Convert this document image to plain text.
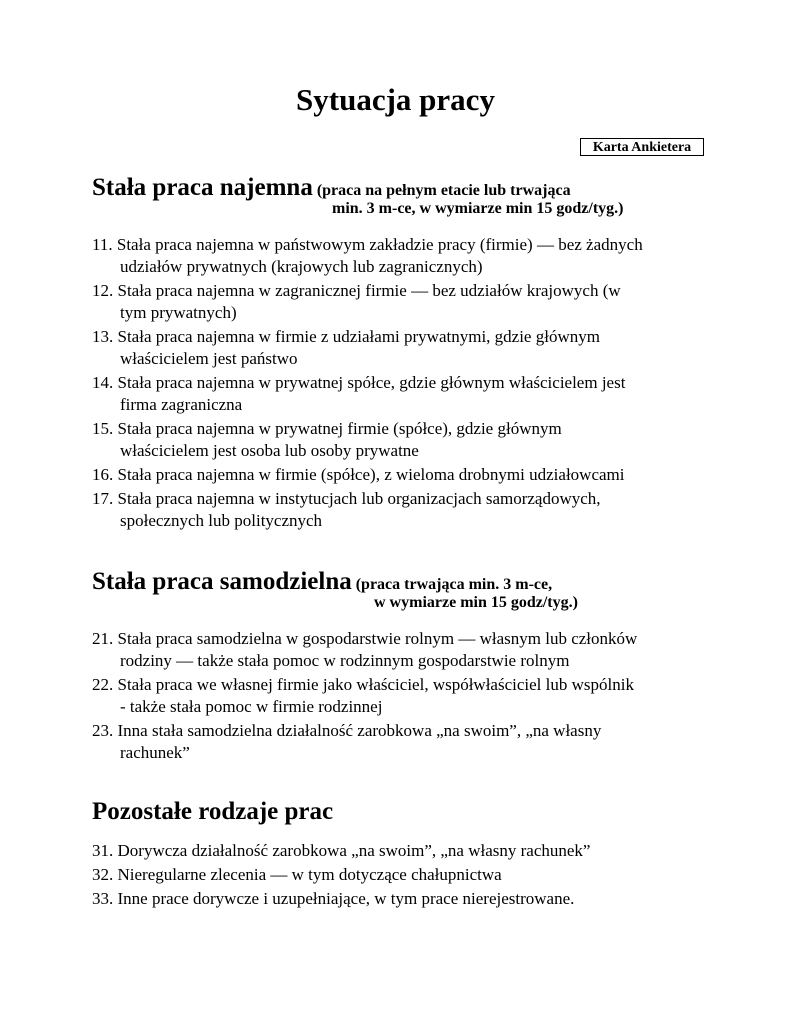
Sytuacja pracy
Karta Ankietera
Stała praca najemna (praca na pełnym etacie lub trwająca
min. 3 m-ce, w wymiarze min 15 godz/tyg.)
11. Stała praca najemna w państwowym zakładzie pracy (firmie) — bez żadnych
udziałów prywatnych (krajowych lub zagranicznych)
12. Stała praca najemna w zagranicznej firmie — bez udziałów krajowych (w
tym prywatnych)
13. Stała praca najemna w firmie z udziałami prywatnymi, gdzie głównym
właścicielem jest państwo
14. Stała praca najemna w prywatnej spółce, gdzie głównym właścicielem jest
firma zagraniczna
15. Stała praca najemna w prywatnej firmie (spółce), gdzie głównym
właścicielem jest osoba lub osoby prywatne
16. Stała praca najemna w firmie (spółce), z wieloma drobnymi udziałowcami
17. Stała praca najemna w instytucjach lub organizacjach samorządowych,
społecznych lub politycznych
Stała praca samodzielna (praca trwająca min. 3 m-ce,
w wymiarze min 15 godz/tyg.)
21. Stała praca samodzielna w gospodarstwie rolnym — własnym lub członków
rodziny — także stała pomoc w rodzinnym gospodarstwie rolnym
22. Stała praca we własnej firmie jako właściciel, współwłaściciel lub wspólnik
- także stała pomoc w firmie rodzinnej
23. Inna stała samodzielna działalność zarobkowa „na swoim”, „na własny
rachunek”
Pozostałe rodzaje prac
31. Dorywcza działalność zarobkowa „na swoim”, „na własny rachunek”
32. Nieregularne zlecenia — w tym dotyczące chałupnictwa
33. Inne prace dorywcze i uzupełniające, w tym prace nierejestrowane.
